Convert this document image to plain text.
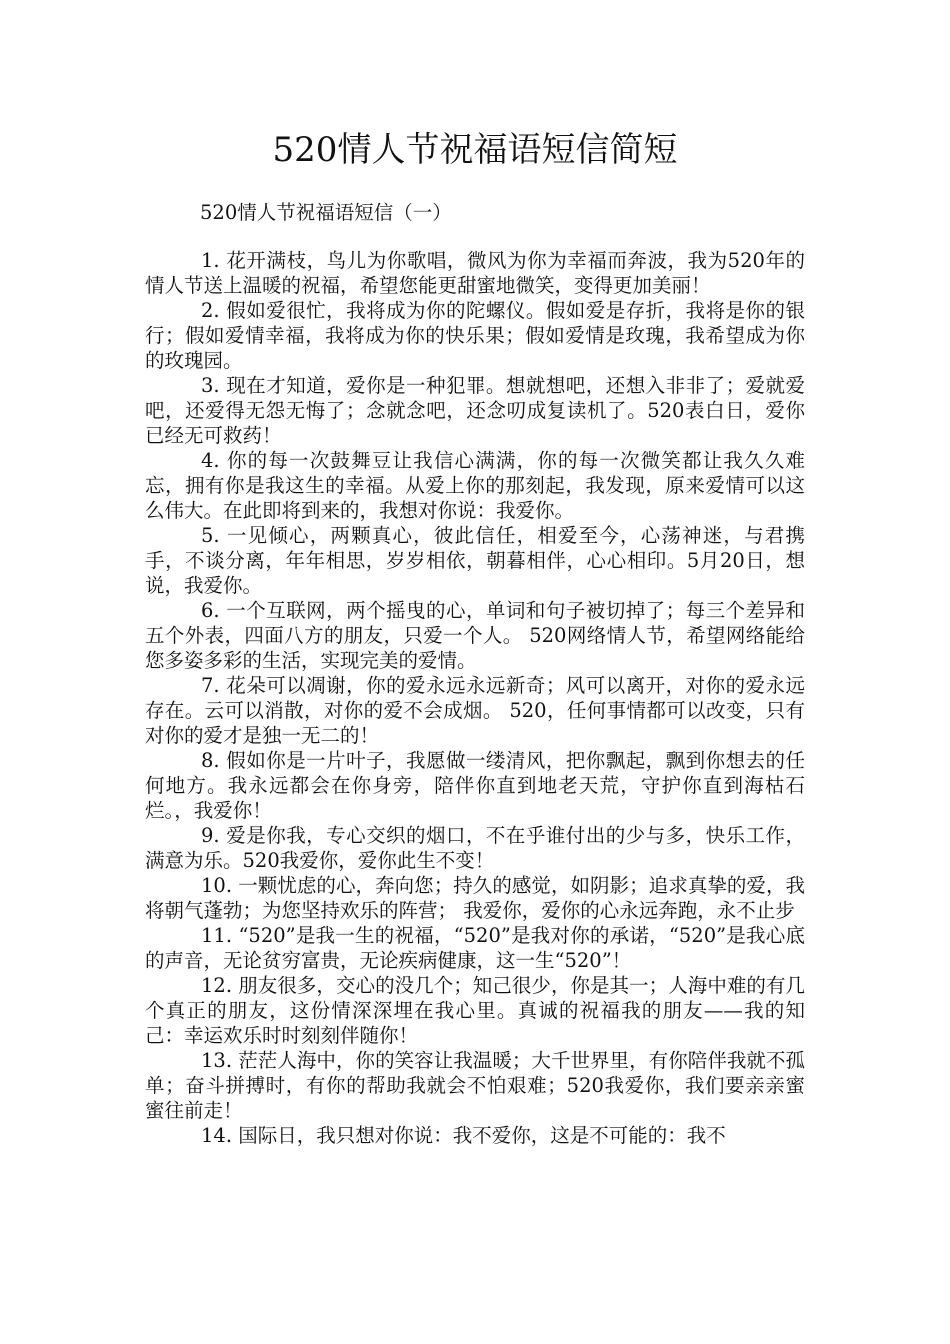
520情人节祝福语短信简短
520情人节祝福语短信（一）

1. 花开满枝，鸟儿为你歌唱，微风为你为幸福而奔波，我为520年的情人节送上温暖的祝福，希望您能更甜蜜地微笑，变得更加美丽！

2. 假如爱很忙，我将成为你的陀螺仪。假如爱是存折，我将是你的银行；假如爱情幸福，我将成为你的快乐果；假如爱情是玫瑰，我希望成为你的玫瑰园。

3. 现在才知道，爱你是一种犯罪。想就想吧，还想入非非了；爱就爱吧，还爱得无怨无悔了；念就念吧，还念叨成复读机了。520表白日，爱你已经无可救药！

4. 你的每一次鼓舞豆让我信心满满，你的每一次微笑都让我久久难忘，拥有你是我这生的幸福。从爱上你的那刻起，我发现，原来爱情可以这么伟大。在此即将到来的，我想对你说：我爱你。

5. 一见倾心，两颗真心，彼此信任，相爱至今，心荡神迷，与君携手，不谈分离，年年相思，岁岁相依，朝暮相伴，心心相印。5月20日，想说，我爱你。

6. 一个互联网，两个摇曳的心，单词和句子被切掉了；每三个差异和五个外表，四面八方的朋友，只爱一个人。 520网络情人节，希望网络能给您多姿多彩的生活，实现完美的爱情。

7. 花朵可以凋谢，你的爱永远永远新奇；风可以离开，对你的爱永远存在。云可以消散，对你的爱不会成烟。 520，任何事情都可以改变，只有对你的爱才是独一无二的！

8. 假如你是一片叶子，我愿做一缕清风，把你飘起，飘到你想去的任何地方。我永远都会在你身旁，陪伴你直到地老天荒，守护你直到海枯石烂。，我爱你！

9. 爱是你我，专心交织的烟口，不在乎谁付出的少与多，快乐工作，满意为乐。520我爱你，爱你此生不变！

10. 一颗忧虑的心，奔向您；持久的感觉，如阴影；追求真挚的爱，我将朝气蓬勃；为您坚持欢乐的阵营； 我爱你，爱你的心永远奔跑，永不止步

11. “520”是我一生的祝福，“520”是我对你的承诺，“520”是我心底的声音，无论贫穷富贵，无论疾病健康，这一生“520”！

12. 朋友很多，交心的没几个；知己很少，你是其一；人海中难的有几个真正的朋友，这份情深深埋在我心里。真诚的祝福我的朋友——我的知己：幸运欢乐时时刻刻伴随你！

13. 茫茫人海中，你的笑容让我温暖；大千世界里，有你陪伴我就不孤单；奋斗拼搏时，有你的帮助我就会不怕艰难；520我爱你，我们要亲亲蜜蜜往前走！

14. 国际日，我只想对你说：我不爱你，这是不可能的：我不
